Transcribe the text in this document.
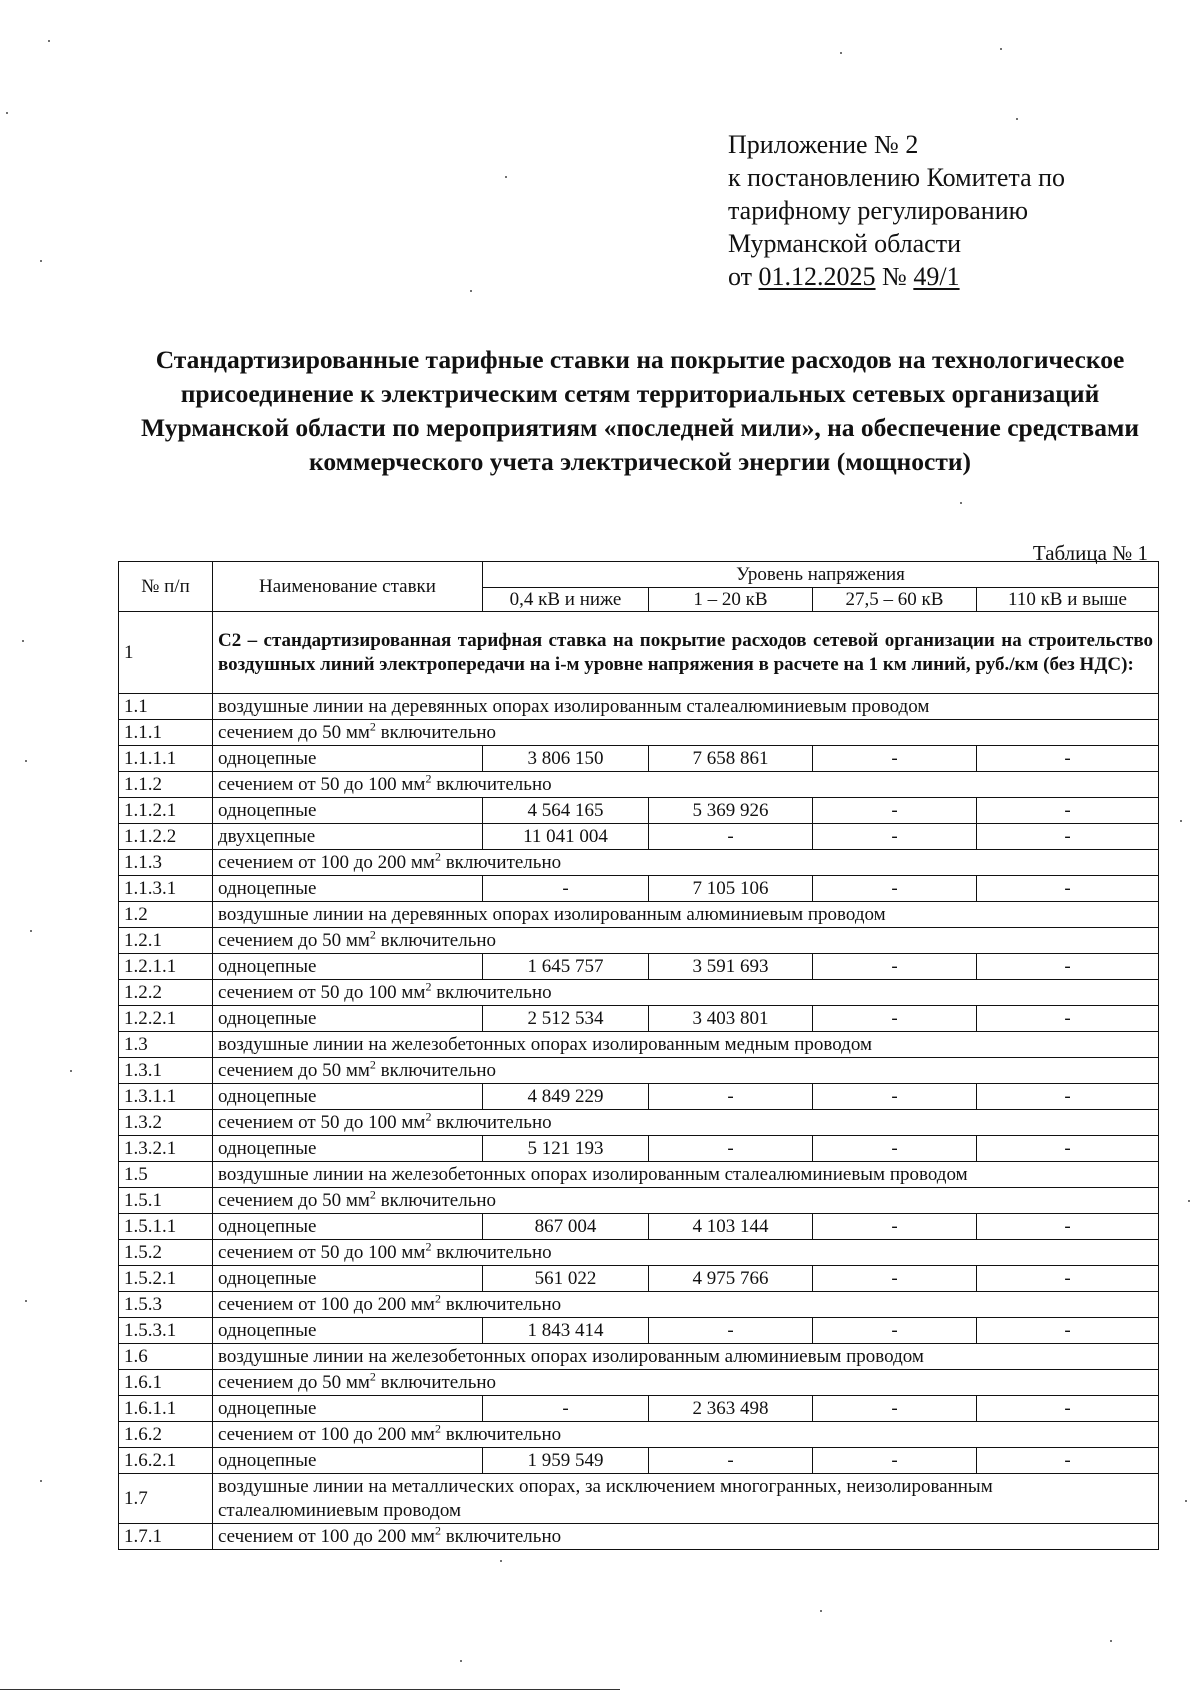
Приложение № 2
к постановлению Комитета по
тарифному регулированию
Мурманской области
от 01.12.2025 № 49/1
Стандартизированные тарифные ставки на покрытие расходов на технологическое присоединение к электрическим сетям территориальных сетевых организаций Мурманской области по мероприятиям «последней мили», на обеспечение средствами коммерческого учета электрической энергии (мощности)
Таблица № 1
№ п/п	Наименование ставки	Уровень напряжения			
		0,4 кВ и ниже	1 – 20 кВ	27,5 – 60 кВ	110 кВ и выше
1	С2 – стандартизированная тарифная ставка на покрытие расходов сетевой организации на строительство воздушных линий электропередачи на i-м уровне напряжения в расчете на 1 км линий, руб./км (без НДС):				
1.1	воздушные линии на деревянных опорах изолированным сталеалюминиевым проводом				
1.1.1	сечением до 50 $мм^2$ включительно				
1.1.1.1	одноцепные	3 806 150	7 658 861	-	-
1.1.2	сечением от 50 до 100 $мм^2$ включительно				
1.1.2.1	одноцепные	4 564 165	5 369 926	-	-
1.1.2.2	двухцепные	11 041 004	-	-	-
1.1.3	сечением от 100 до 200 $мм^2$ включительно				
1.1.3.1	одноцепные	-	7 105 106	-	-
1.2	воздушные линии на деревянных опорах изолированным алюминиевым проводом				
1.2.1	сечением до 50 $мм^2$ включительно				
1.2.1.1	одноцепные	1 645 757	3 591 693	-	-
1.2.2	сечением от 50 до 100 $мм^2$ включительно				
1.2.2.1	одноцепные	2 512 534	3 403 801	-	-
1.3	воздушные линии на железобетонных опорах изолированным медным проводом				
1.3.1	сечением до 50 $мм^2$ включительно				
1.3.1.1	одноцепные	4 849 229	-	-	-
1.3.2	сечением от 50 до 100 $мм^2$ включительно				
1.3.2.1	одноцепные	5 121 193	-	-	-
1.5	воздушные линии на железобетонных опорах изолированным сталеалюминиевым проводом				
1.5.1	сечением до 50 $мм^2$ включительно				
1.5.1.1	одноцепные	867 004	4 103 144	-	-
1.5.2	сечением от 50 до 100 $мм^2$ включительно				
1.5.2.1	одноцепные	561 022	4 975 766	-	-
1.5.3	сечением от 100 до 200 $мм^2$ включительно				
1.5.3.1	одноцепные	1 843 414	-	-	-
1.6	воздушные линии на железобетонных опорах изолированным алюминиевым проводом				
1.6.1	сечением до 50 $мм^2$ включительно				
1.6.1.1	одноцепные	-	2 363 498	-	-
1.6.2	сечением от 100 до 200 $мм^2$ включительно				
1.6.2.1	одноцепные	1 959 549	-	-	-
1.7	воздушные линии на металлических опорах, за исключением многогранных, неизолированным сталеалюминиевым проводом				
1.7.1	сечением от 100 до 200 $мм^2$ включительно				
